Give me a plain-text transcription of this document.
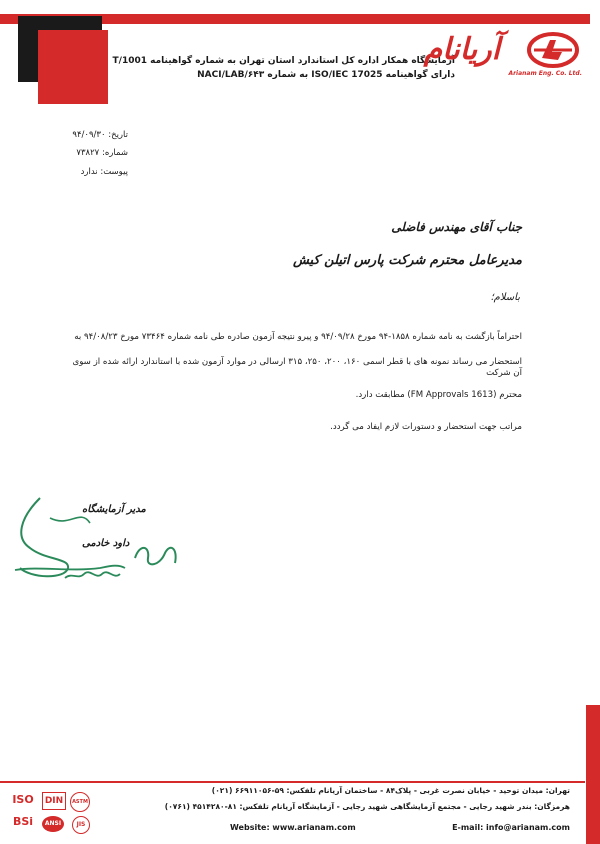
آزمایشگاه همکار اداره کل استاندارد استان تهران به شماره گواهینامه T/1001
دارای گواهینامه ISO/IEC 17025 به شماره NACI/LAB/۶۴۳
آریانام
Arianam Eng. Co. Ltd.
تاریخ: ۹۴/۰۹/۳۰
شماره: ۷۳۸۲۷
پیوست: ندارد
جناب آقای مهندس فاضلی
مدیرعامل محترم شرکت پارس اتیلن کیش
باسلام؛
احتراماً بازگشت به نامه شماره ۱۸۵۸-۹۴ مورخ ۹۴/۰۹/۲۸ و پیرو نتیجه آزمون صادره طی نامه شماره ۷۳۴۶۴ مورخ ۹۴/۰۸/۲۳ به
استحضار می رساند نمونه های با قطر اسمی ۱۶۰، ۲۰۰، ۲۵۰، ۳۱۵ ارسالی در موارد آزمون شده با استاندارد ارائه شده از سوی آن شرکت
محترم (1613 FM Approvals) مطابقت دارد.
مراتب جهت استحضار و دستورات لازم ایفاد می گردد.
مدیر آزمایشگاه
داود خادمی
تهران: میدان توحید - خیابان نصرت غربی - پلاک۸۴ - ساختمان آریانام تلفکس: ۵۹-۶۶۹۱۱۰۵۶ (۰۲۱)
هرمزگان: بندر شهید رجایی - مجتمع آزمایشگاهی شهید رجایی - آزمایشگاه آریانام تلفکس: ۸۱-۴۵۱۴۲۸۰ (۰۷۶۱)
Website: www.arianam.com	E-mail: info@arianam.com
ISO	DIN	ASTM
BSi	ANSI	JIS
